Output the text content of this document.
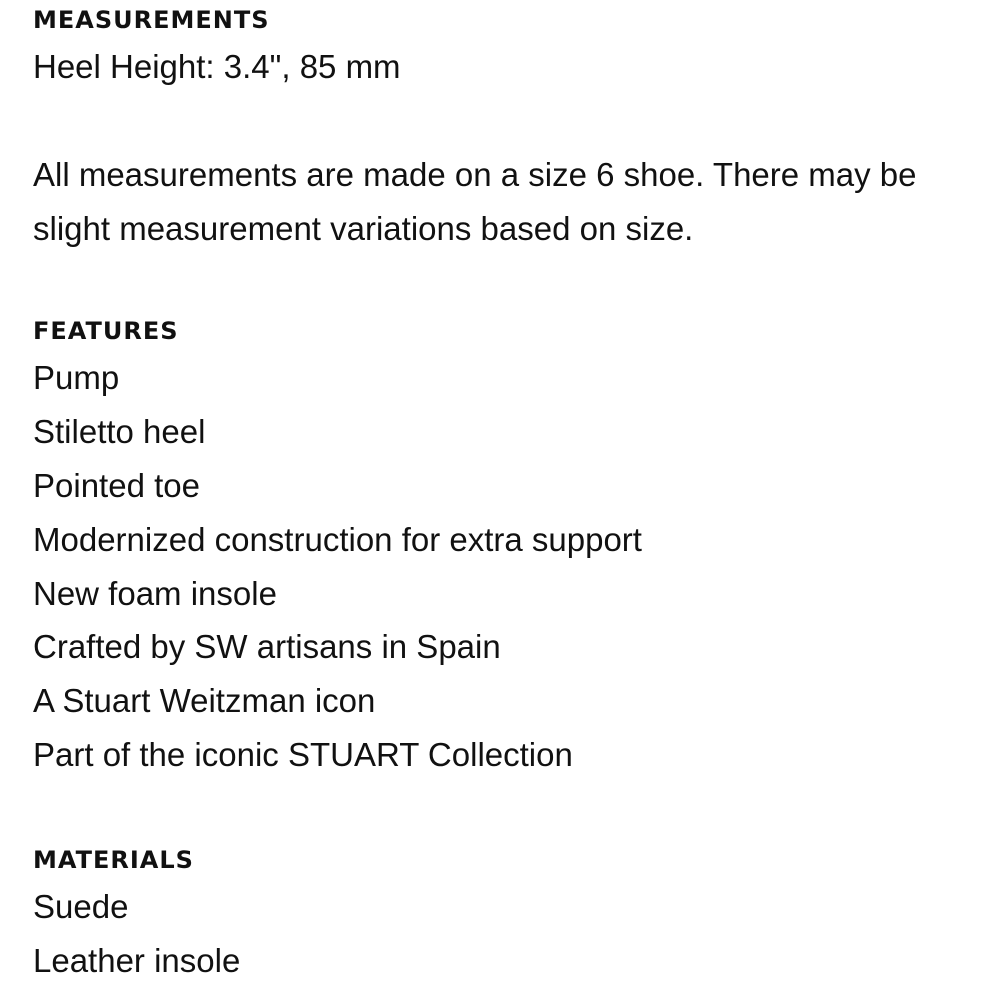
MEASUREMENTS

Heel Height: 3.4", 85 mm

All measurements are made on a size 6 shoe. There may be slight measurement variations based on size.

FEATURES
Pump
Stiletto heel
Pointed toe
Modernized construction for extra support
New foam insole
Crafted by SW artisans in Spain
A Stuart Weitzman icon
Part of the iconic STUART Collection
MATERIALS
Suede
Leather insole
